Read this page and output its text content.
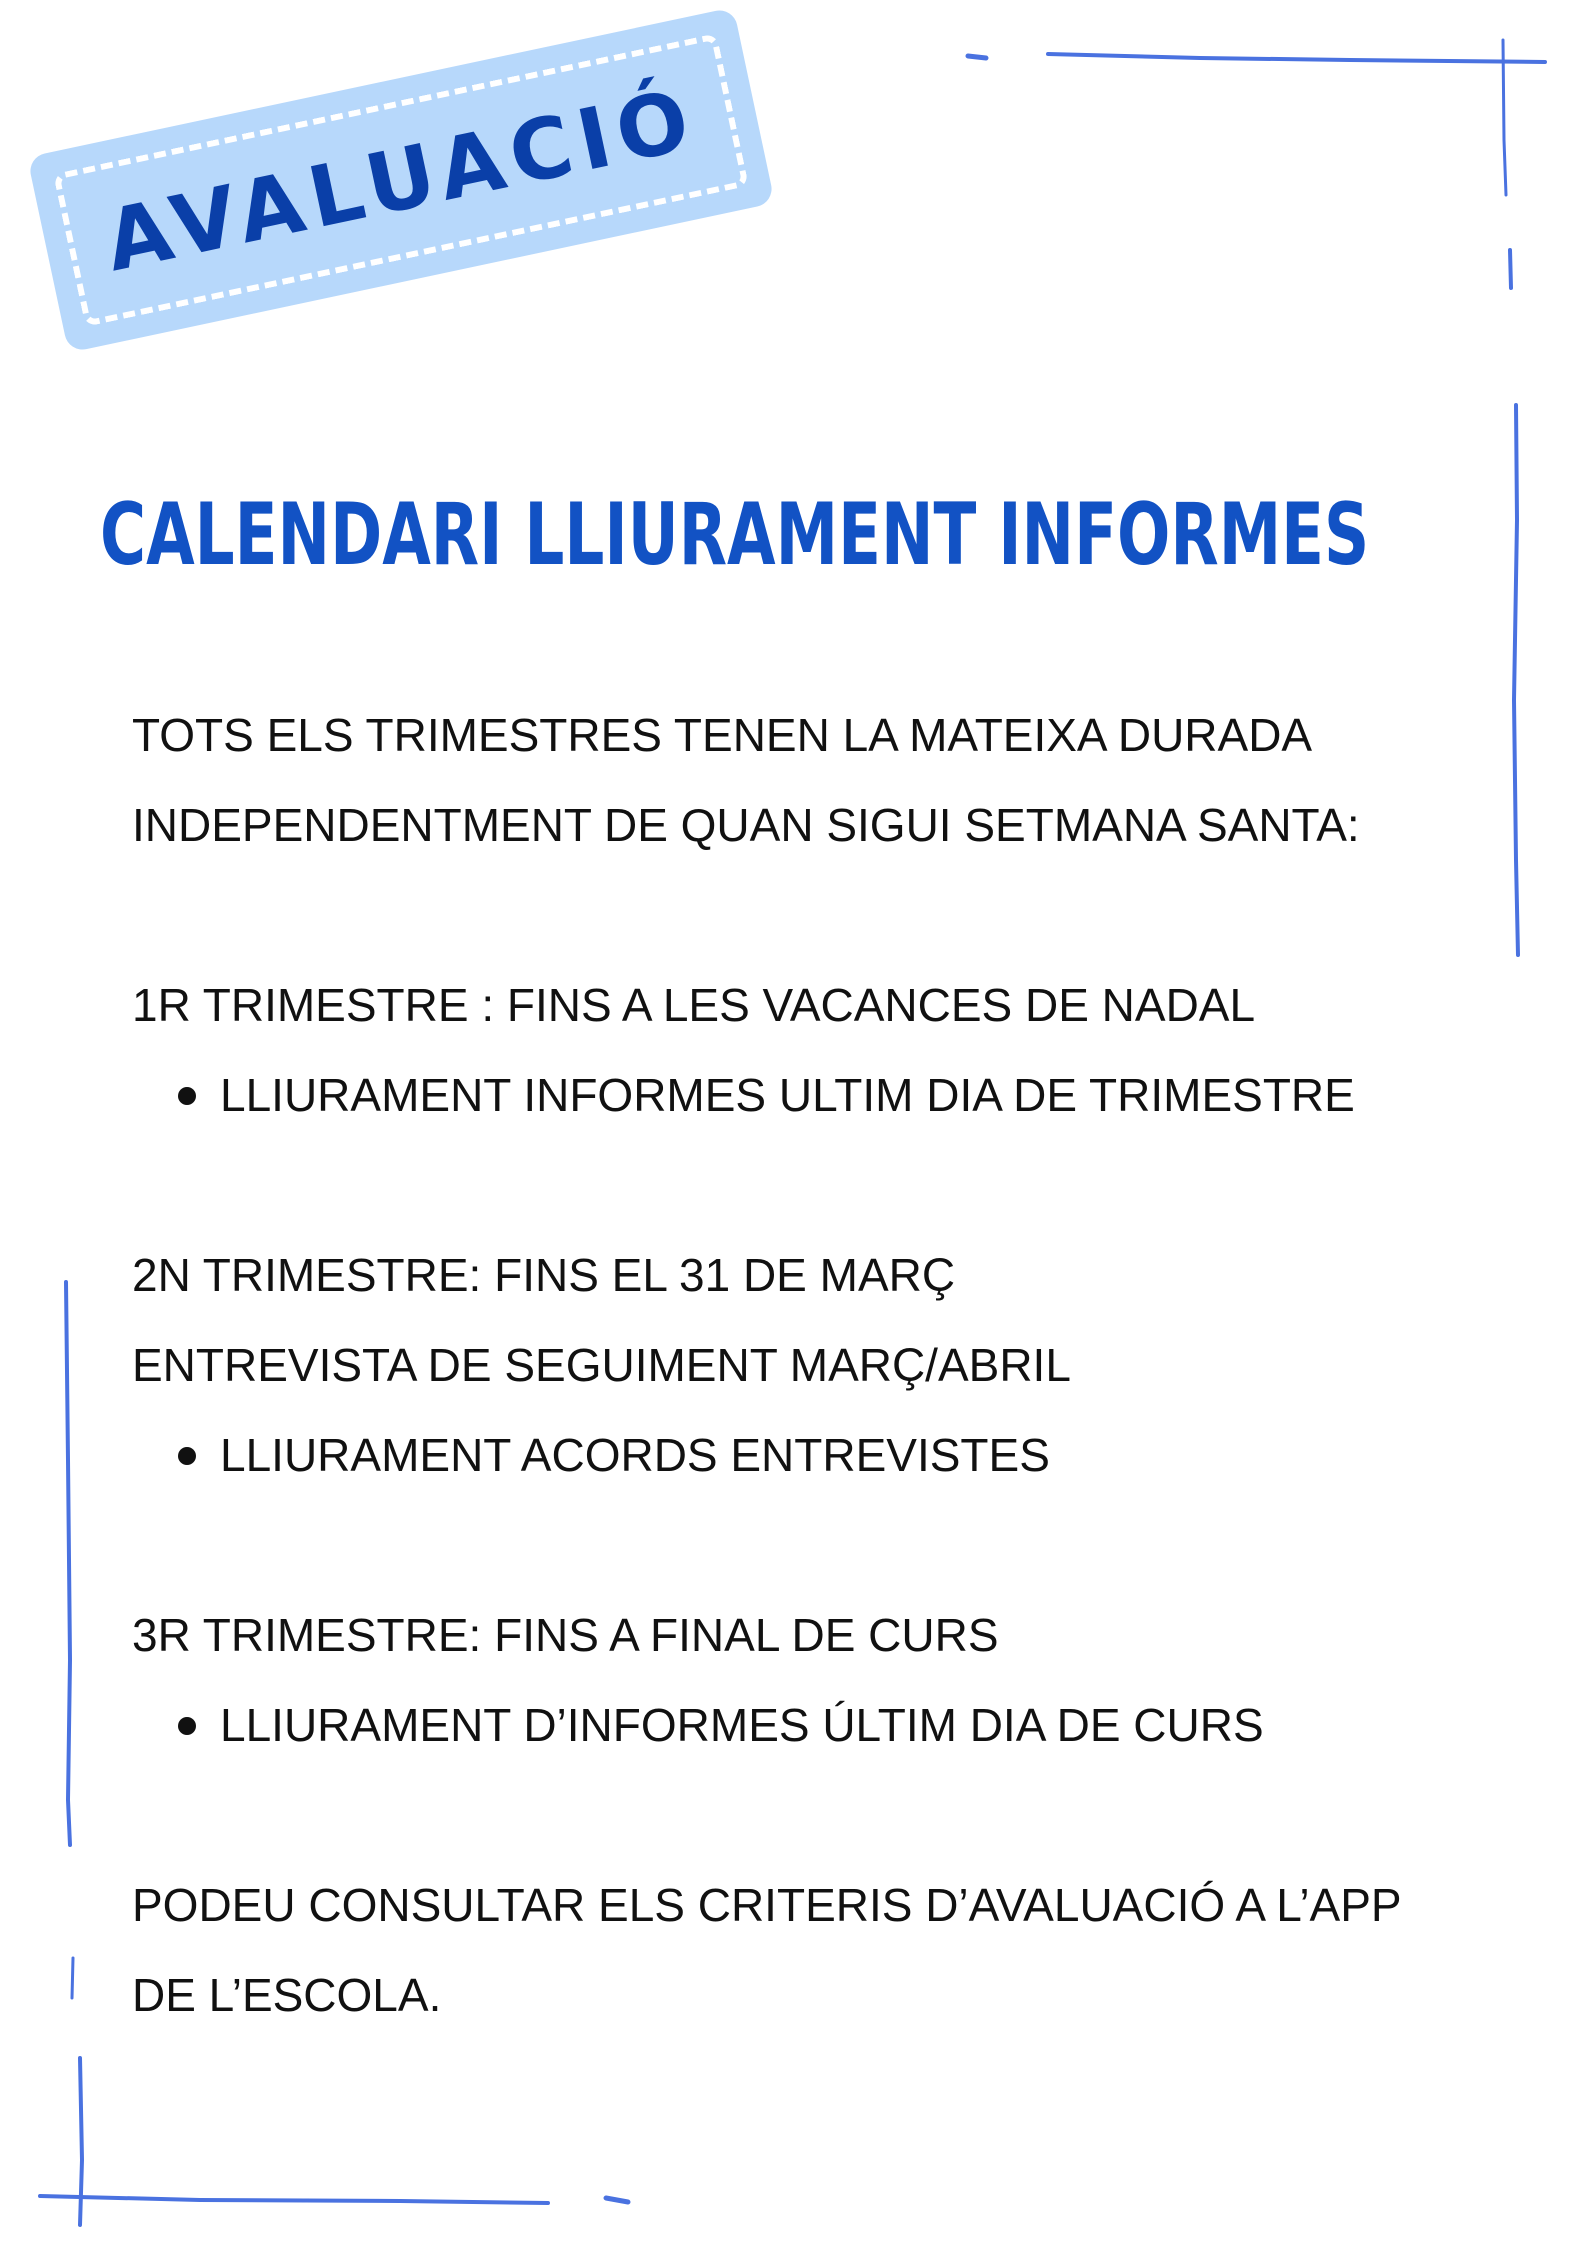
AVALUACIÓ
CALENDARI LLIURAMENT INFORMES
TOTS ELS TRIMESTRES TENEN LA MATEIXA DURADA
INDEPENDENTMENT DE QUAN SIGUI SETMANA SANTA:
1R TRIMESTRE : FINS A LES VACANCES DE NADAL
LLIURAMENT INFORMES ULTIM DIA DE TRIMESTRE
2N TRIMESTRE: FINS EL 31 DE MARÇ
ENTREVISTA DE SEGUIMENT MARÇ/ABRIL
LLIURAMENT ACORDS ENTREVISTES
3R TRIMESTRE: FINS A FINAL DE CURS
LLIURAMENT D’INFORMES ÚLTIM DIA DE CURS
PODEU CONSULTAR ELS CRITERIS D’AVALUACIÓ A L’APP
DE L’ESCOLA.
